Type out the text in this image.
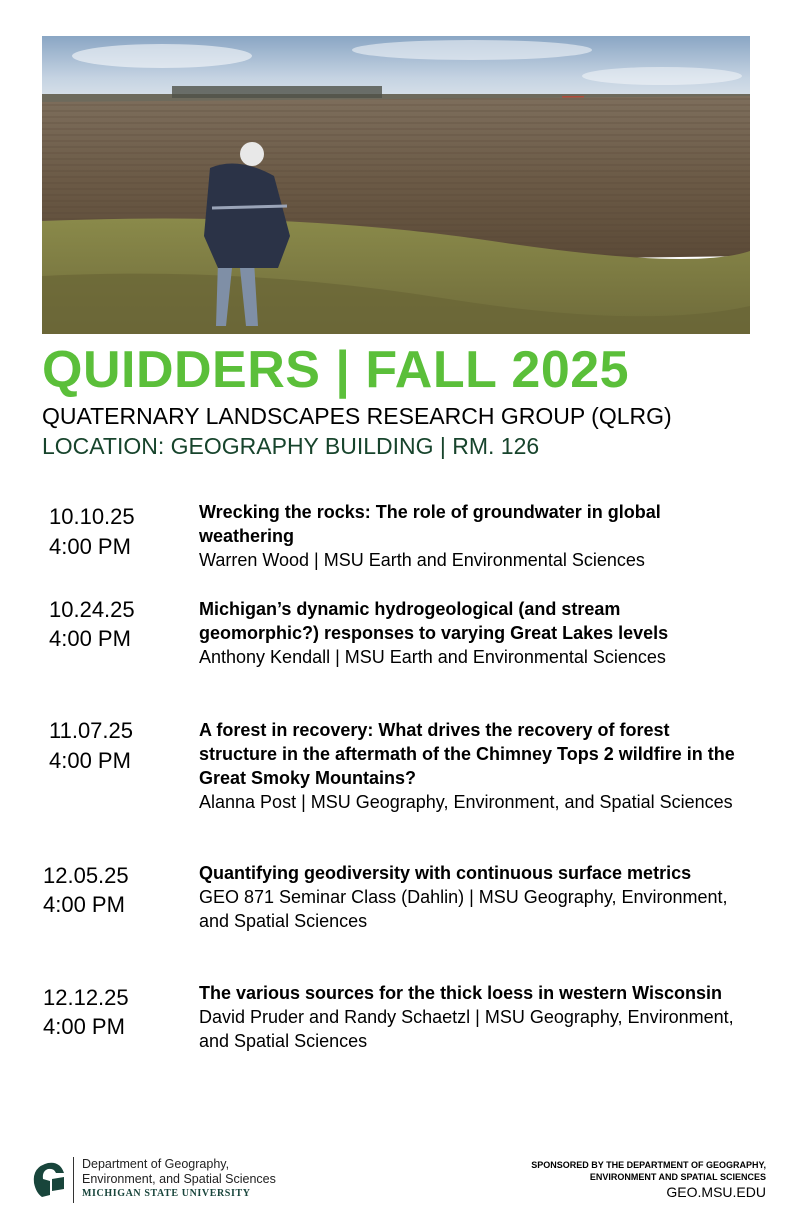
QUIDDERS | FALL 2025
QUATERNARY LANDSCAPES RESEARCH GROUP (QLRG)
LOCATION: GEOGRAPHY BUILDING | RM. 126
10.10.25
4:00 PM
Wrecking the rocks: The role of groundwater in global weathering
Warren Wood | MSU Earth and Environmental Sciences
10.24.25
4:00 PM
Michigan’s dynamic hydrogeological (and stream geomorphic?) responses to varying Great Lakes levels
Anthony Kendall | MSU Earth and Environmental Sciences
11.07.25
4:00 PM
A forest in recovery: What drives the recovery of forest structure in the aftermath of the Chimney Tops 2 wildfire in the Great Smoky Mountains?
Alanna Post | MSU Geography, Environment, and Spatial Sciences
12.05.25
4:00 PM
Quantifying geodiversity with continuous surface metrics
GEO 871 Seminar Class (Dahlin) | MSU Geography, Environment, and Spatial Sciences
12.12.25
4:00 PM
The various sources for the thick loess in western Wisconsin
David Pruder and Randy Schaetzl | MSU Geography, Environment, and Spatial Sciences
Department of Geography,
Environment, and Spatial Sciences
MICHIGAN STATE UNIVERSITY
SPONSORED BY THE DEPARTMENT OF GEOGRAPHY,
ENVIRONMENT AND SPATIAL SCIENCES
GEO.MSU.EDU
